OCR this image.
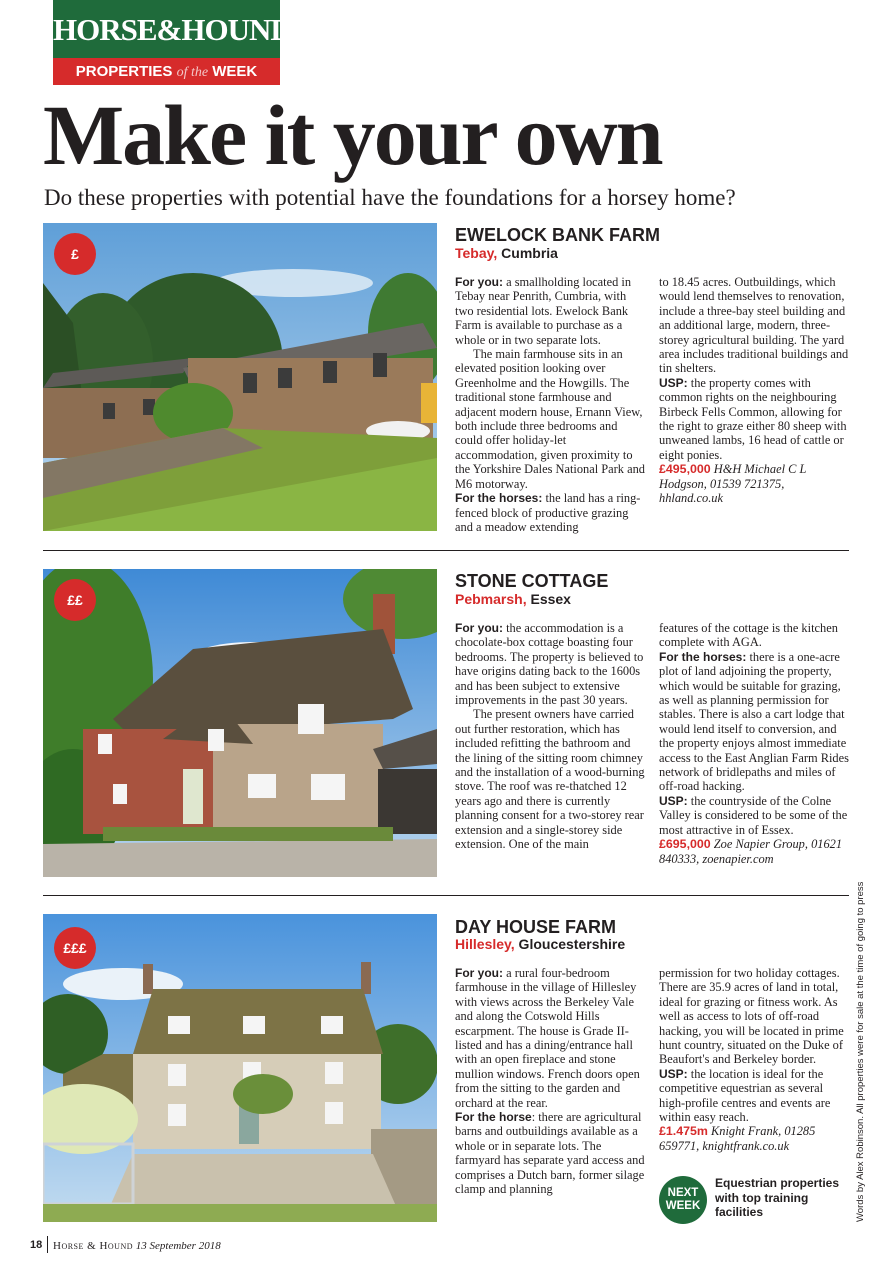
HORSE&HOUND
PROPERTIES of the WEEK
Make it your own
Do these properties with potential have the foundations for a horsey home?
£
EWELOCK BANK FARM
Tebay, Cumbria

For you: a smallholding located in Tebay near Penrith, Cumbria, with two residential lots. Ewelock Bank Farm is available to purchase as a whole or in two separate lots.

The main farmhouse sits in an elevated position looking over Greenholme and the Howgills. The traditional stone farmhouse and adjacent modern house, Ernann View, both include three bedrooms and could offer holiday-let accommodation, given proximity to the Yorkshire Dales National Park and M6 motorway.

For the horses: the land has a ring-fenced block of productive grazing and a meadow extending

to 18.45 acres. Outbuildings, which would lend themselves to renovation, include a three-bay steel building and an additional large, modern, three-storey agricultural building. The yard area includes traditional buildings and tin shelters.

USP: the property comes with common rights on the neighbouring Birbeck Fells Common, allowing for the right to graze either 80 sheep with unweaned lambs, 16 head of cattle or eight ponies.

£495,000 H&H Michael C L Hodgson, 01539 721375, hhland.co.uk

££
STONE COTTAGE
Pebmarsh, Essex

For you: the accommodation is a chocolate-box cottage boasting four bedrooms. The property is believed to have origins dating back to the 1600s and has been subject to extensive improvements in the past 30 years.

The present owners have carried out further restoration, which has included refitting the bathroom and the lining of the sitting room chimney and the installation of a wood-burning stove. The roof was re-thatched 12 years ago and there is currently planning consent for a two-storey rear extension and a single-storey side extension. One of the main

features of the cottage is the kitchen complete with AGA.

For the horses: there is a one-acre plot of land adjoining the property, which would be suitable for grazing, as well as planning permission for stables. There is also a cart lodge that would lend itself to conversion, and the property enjoys almost immediate access to the East Anglian Farm Rides network of bridlepaths and miles of off-road hacking.

USP: the countryside of the Colne Valley is considered to be some of the most attractive in of Essex.

£695,000 Zoe Napier Group, 01621 840333, zoenapier.com

£££
DAY HOUSE FARM
Hillesley, Gloucestershire

For you: a rural four-bedroom farmhouse in the village of Hillesley with views across the Berkeley Vale and along the Cotswold Hills escarpment. The house is Grade II-listed and has a dining/entrance hall with an open fireplace and stone mullion windows. French doors open from the sitting to the garden and orchard at the rear.

For the horse: there are agricultural barns and outbuildings available as a whole or in separate lots. The farmyard has separate yard access and comprises a Dutch barn, former silage clamp and planning

permission for two holiday cottages. There are 35.9 acres of land in total, ideal for grazing or fitness work. As well as access to lots of off-road hacking, you will be located in prime hunt country, situated on the Duke of Beaufort's and Berkeley border.

USP: the location is ideal for the competitive equestrian as several high-profile centres and events are within easy reach.

£1.475m Knight Frank, 01285 659771, knightfrank.co.uk

NEXT
WEEK
Equestrian properties with top training facilities
18 Horse & Hound 13 September 2018
Words by Alex Robinson. All properties were for sale at the time of going to press
